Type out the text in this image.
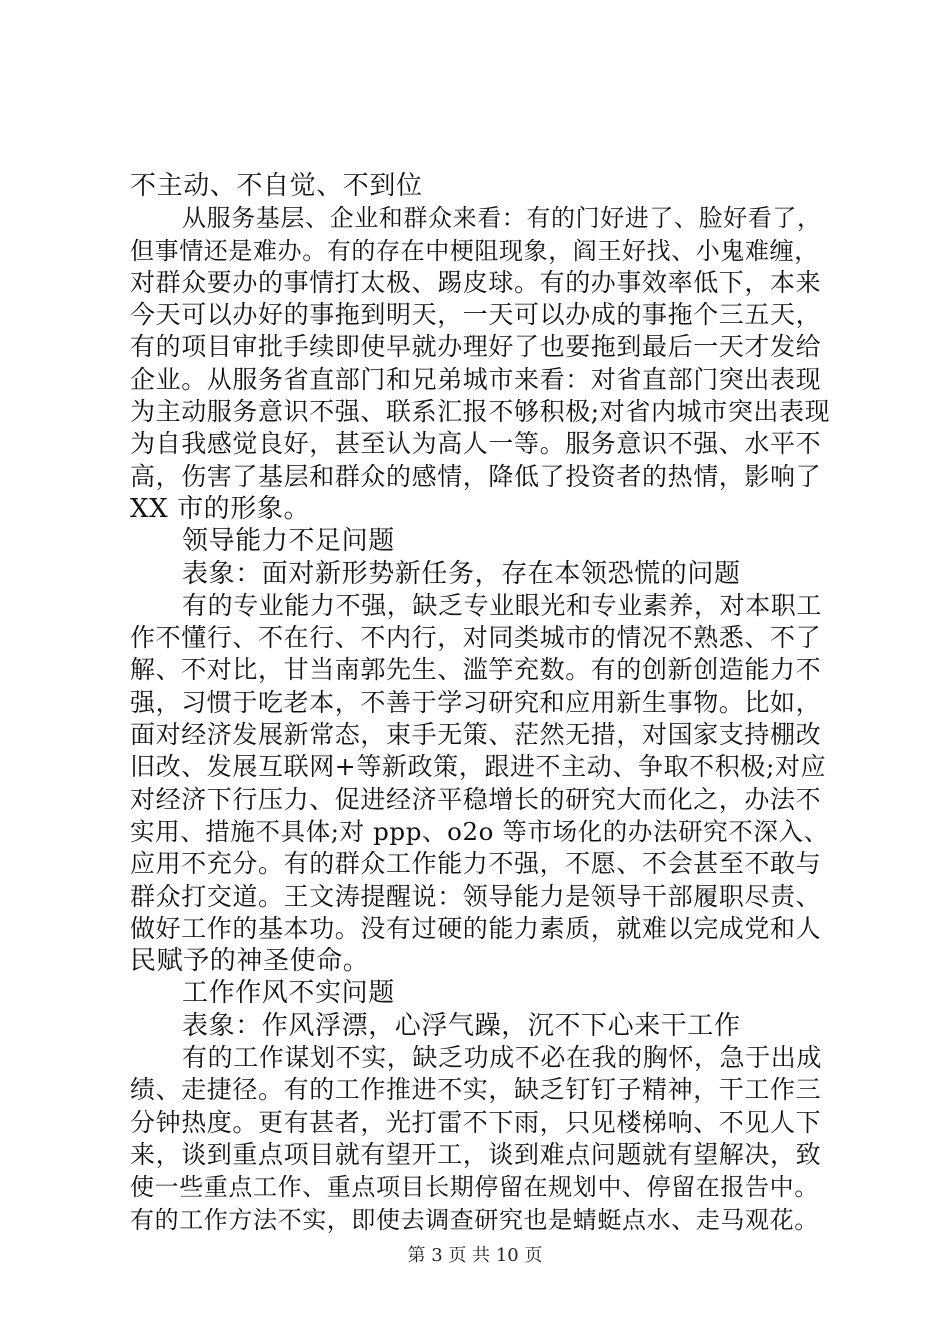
不主动、不自觉、不到位
从服务基层、企业和群众来看：有的门好进了、脸好看了，
但事情还是难办。有的存在中梗阻现象，阎王好找、小鬼难缠，
对群众要办的事情打太极、踢皮球。有的办事效率低下，本来
今天可以办好的事拖到明天，一天可以办成的事拖个三五天，
有的项目审批手续即使早就办理好了也要拖到最后一天才发给
企业。从服务省直部门和兄弟城市来看：对省直部门突出表现
为主动服务意识不强、联系汇报不够积极;对省内城市突出表现
为自我感觉良好，甚至认为高人一等。服务意识不强、水平不
高，伤害了基层和群众的感情，降低了投资者的热情，影响了
XX 市的形象。
领导能力不足问题
表象：面对新形势新任务，存在本领恐慌的问题
有的专业能力不强，缺乏专业眼光和专业素养，对本职工
作不懂行、不在行、不内行，对同类城市的情况不熟悉、不了
解、不对比，甘当南郭先生、滥竽充数。有的创新创造能力不
强，习惯于吃老本，不善于学习研究和应用新生事物。比如，
面对经济发展新常态，束手无策、茫然无措，对国家支持棚改
旧改、发展互联网+等新政策，跟进不主动、争取不积极;对应
对经济下行压力、促进经济平稳增长的研究大而化之，办法不
实用、措施不具体;对 ppp、o2o 等市场化的办法研究不深入、
应用不充分。有的群众工作能力不强，不愿、不会甚至不敢与
群众打交道。王文涛提醒说：领导能力是领导干部履职尽责、
做好工作的基本功。没有过硬的能力素质，就难以完成党和人
民赋予的神圣使命。
工作作风不实问题
表象：作风浮漂，心浮气躁，沉不下心来干工作
有的工作谋划不实，缺乏功成不必在我的胸怀，急于出成
绩、走捷径。有的工作推进不实，缺乏钉钉子精神，干工作三
分钟热度。更有甚者，光打雷不下雨，只见楼梯响、不见人下
来，谈到重点项目就有望开工，谈到难点问题就有望解决，致
使一些重点工作、重点项目长期停留在规划中、停留在报告中。
有的工作方法不实，即使去调查研究也是蜻蜓点水、走马观花。
第 3 页 共 10 页
